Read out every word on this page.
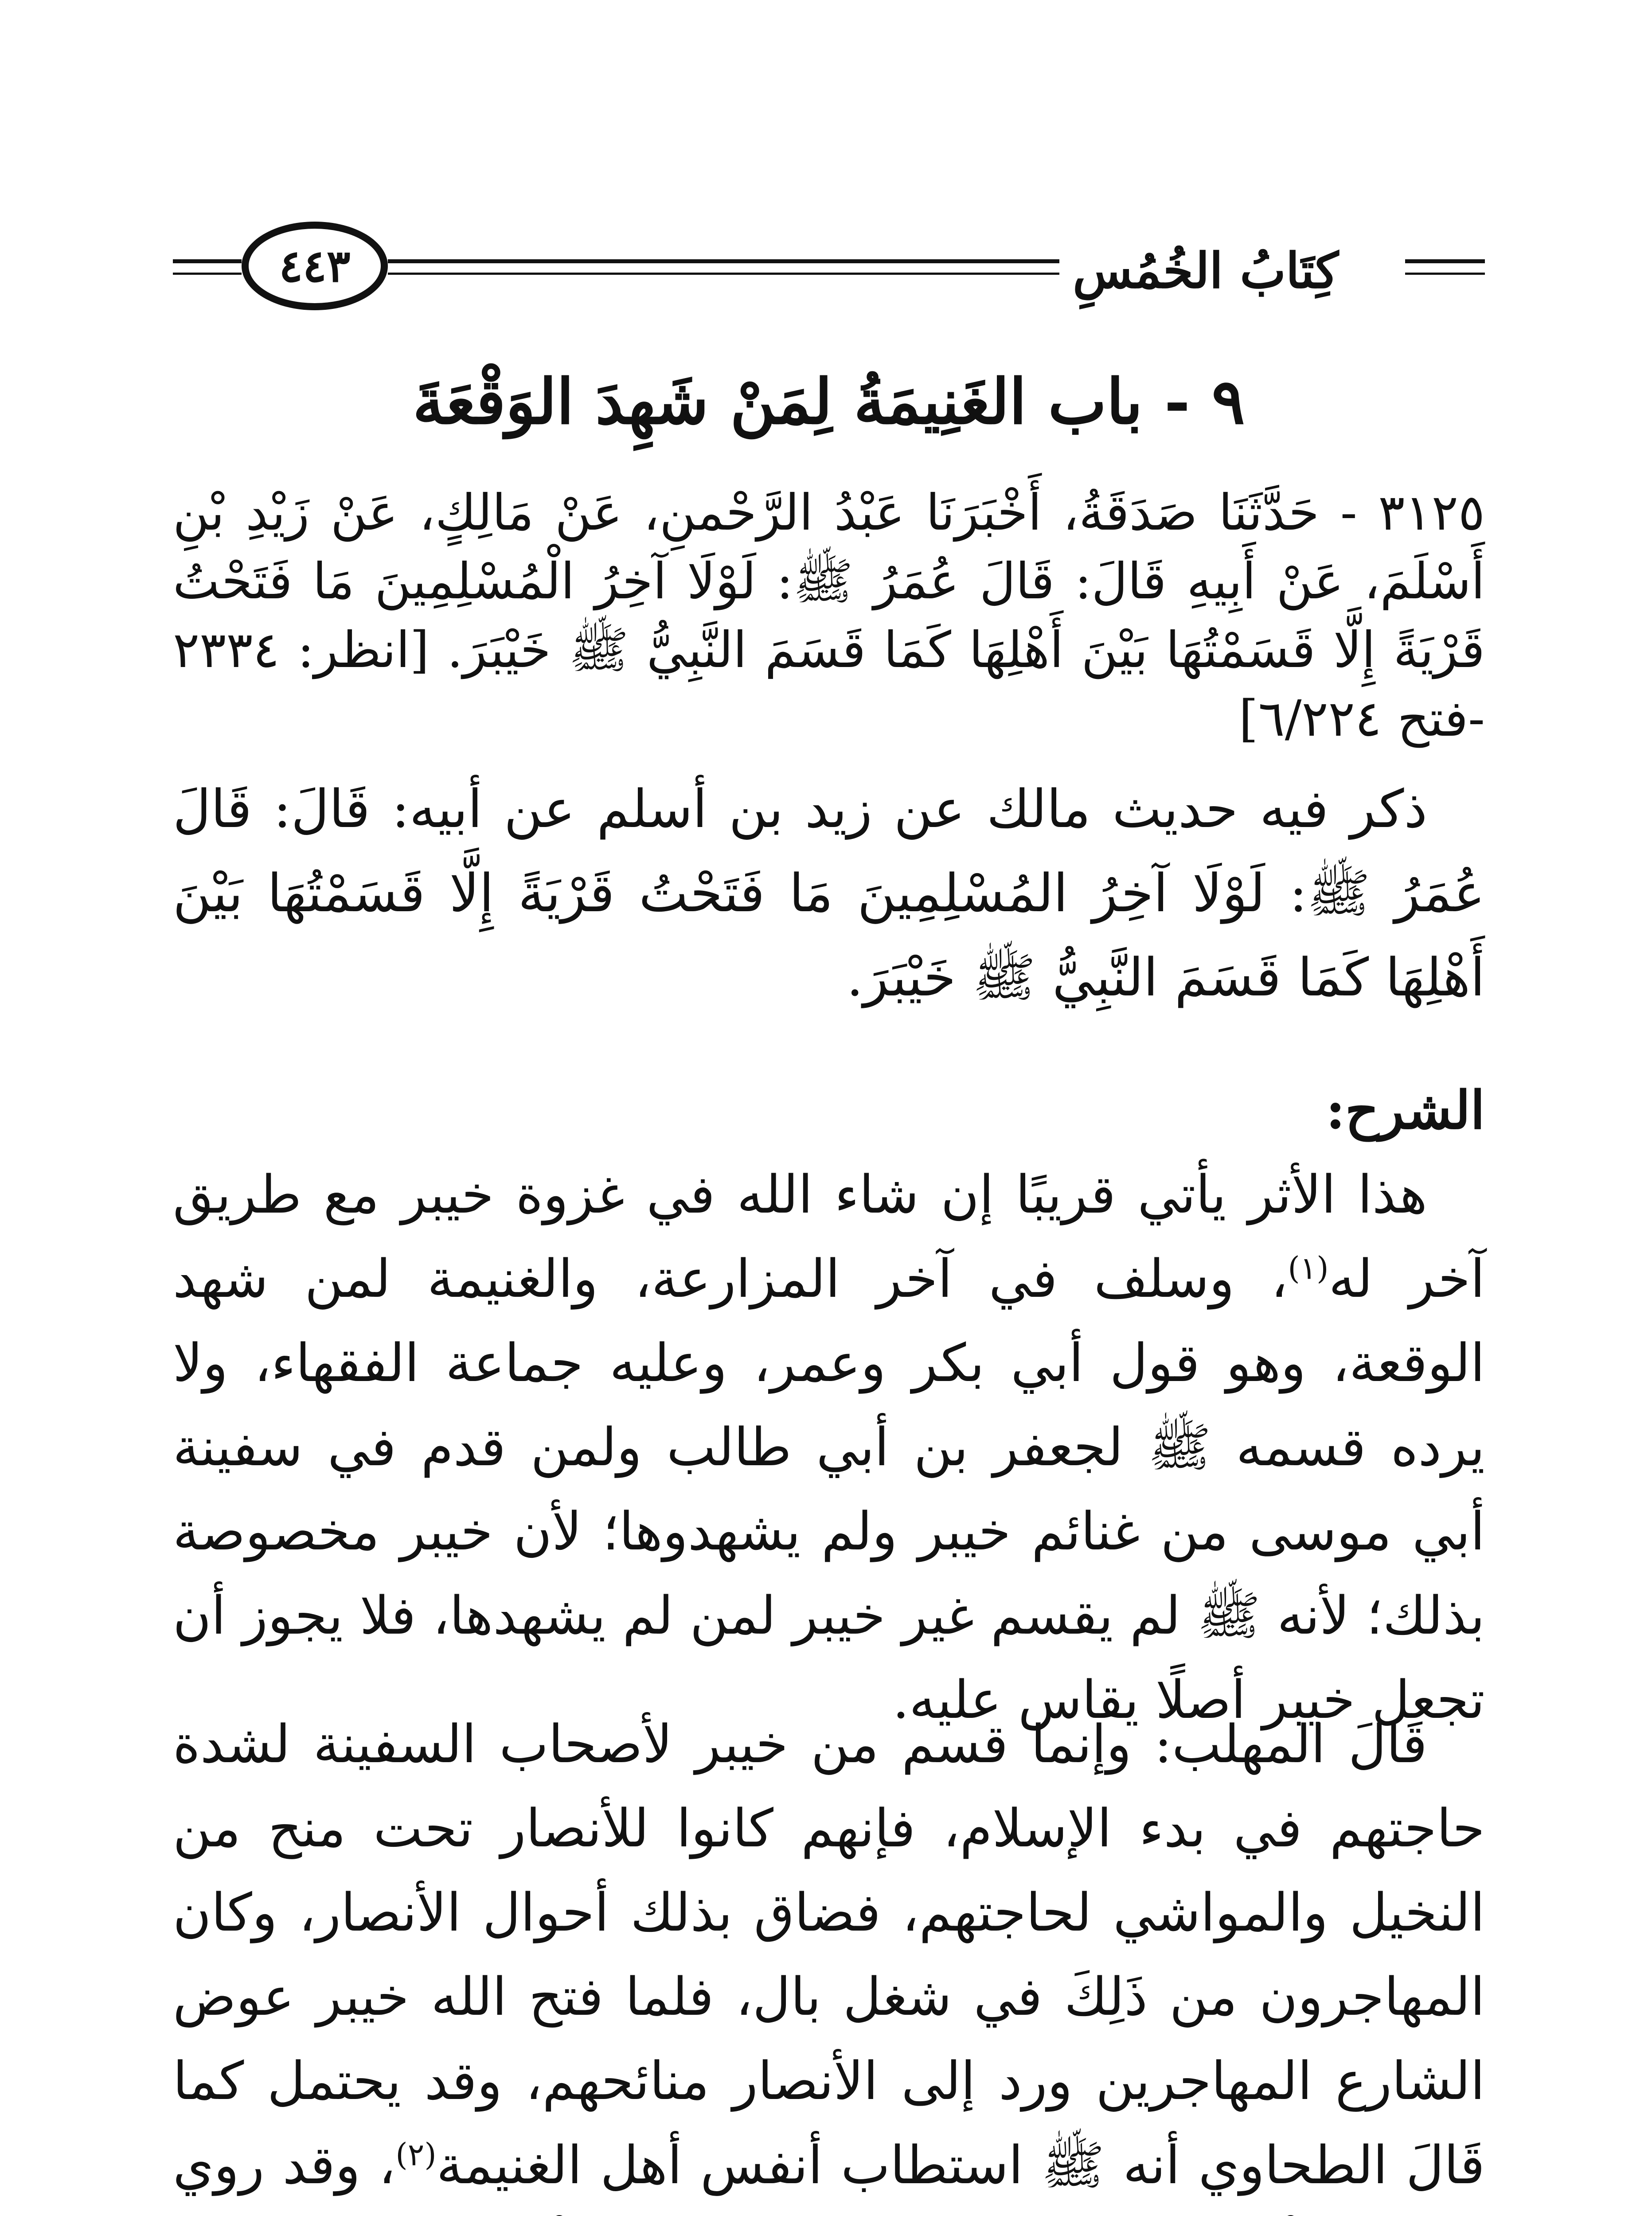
٤٤٣	كِتَابُ الخُمُسِ
٩ - باب الغَنِيمَةُ لِمَنْ شَهِدَ الوَقْعَةَ
٣١٢٥ - حَدَّثَنَا صَدَقَةُ، أَخْبَرَنَا عَبْدُ الرَّحْمنِ، عَنْ مَالِكٍ، عَنْ زَيْدِ بْنِ أَسْلَمَ، عَنْ أَبِيهِ قَالَ: قَالَ عُمَرُ ﷺ: لَوْلَا آخِرُ الْمُسْلِمِينَ مَا فَتَحْتُ قَرْيَةً إِلَّا قَسَمْتُهَا بَيْنَ أَهْلِهَا كَمَا قَسَمَ النَّبِيُّ ﷺ خَيْبَرَ. [انظر: ٢٣٣٤ -فتح ٦/٢٢٤]
ذكر فيه حديث مالك عن زيد بن أسلم عن أبيه: قَالَ: قَالَ عُمَرُ ﷺ: لَوْلَا آخِرُ المُسْلِمِينَ مَا فَتَحْتُ قَرْيَةً إِلَّا قَسَمْتُهَا بَيْنَ أَهْلِهَا كَمَا قَسَمَ النَّبِيُّ ﷺ خَيْبَرَ.
الشرح:
هذا الأثر يأتي قريبًا إن شاء الله في غزوة خيبر مع طريق آخر له$^{(١)}$، وسلف في آخر المزارعة، والغنيمة لمن شهد الوقعة، وهو قول أبي بكر وعمر، وعليه جماعة الفقهاء، ولا يرده قسمه ﷺ لجعفر بن أبي طالب ولمن قدم في سفينة أبي موسى من غنائم خيبر ولم يشهدوها؛ لأن خيبر مخصوصة بذلك؛ لأنه ﷺ لم يقسم غير خيبر لمن لم يشهدها، فلا يجوز أن تجعل خيبر أصلًا يقاس عليه.
قَالَ المهلب: وإنما قسم من خيبر لأصحاب السفينة لشدة حاجتهم في بدء الإسلام، فإنهم كانوا للأنصار تحت منح من النخيل والمواشي لحاجتهم، فضاق بذلك أحوال الأنصار، وكان المهاجرون من ذَلِكَ في شغل بال، فلما فتح الله خيبر عوض الشارع المهاجرين ورد إلى الأنصار منائحهم، وقد يحتمل كما قَالَ الطحاوي أنه ﷺ استطاب أنفس أهل الغنيمة$^{(٢)}$، وقد روي
